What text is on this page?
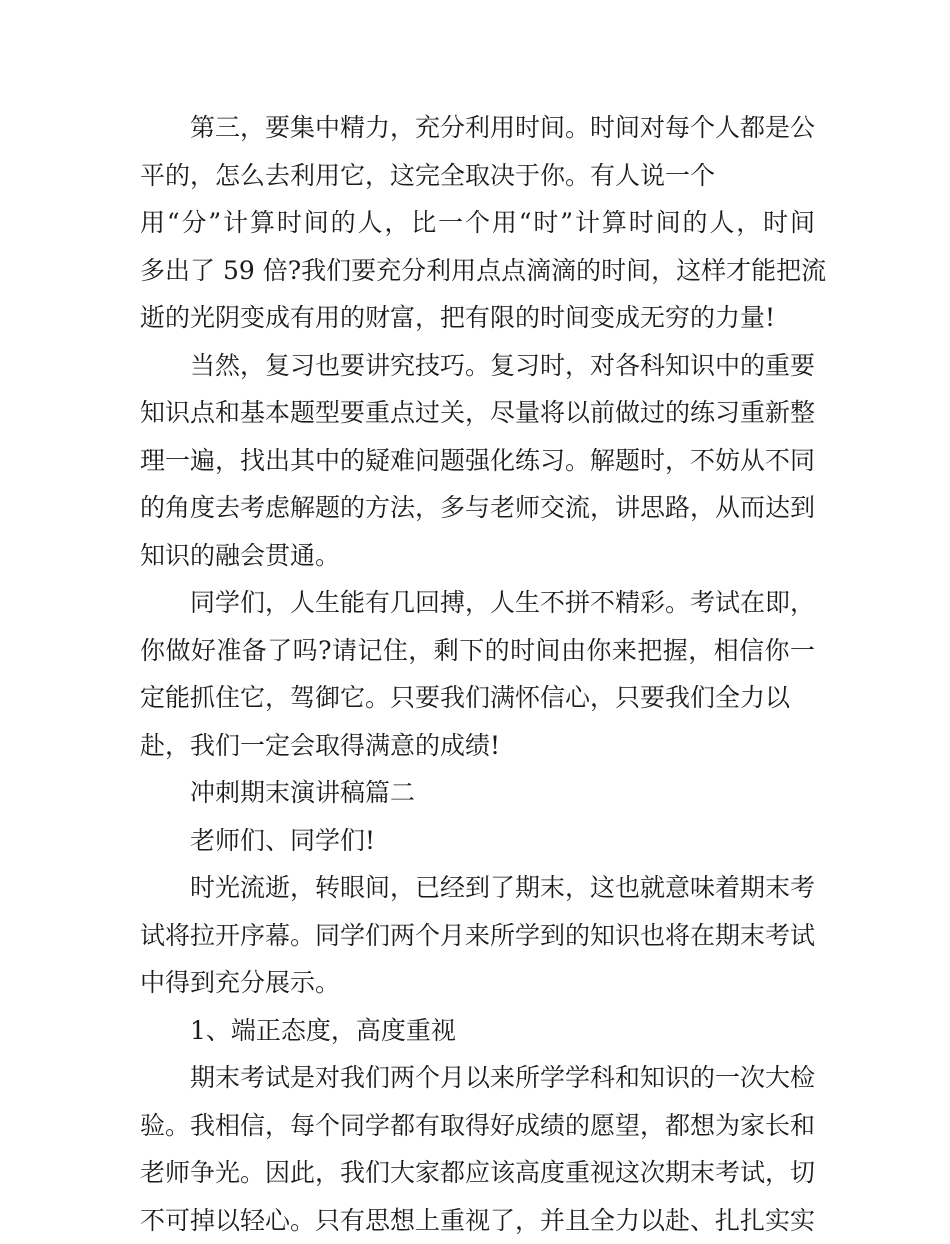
第三，要集中精力，充分利用时间。时间对每个人都是公
平的，怎么去利用它，这完全取决于你。有人说一个
用“分”计算时间的人，比一个用“时”计算时间的人，时间
多出了 59 倍?我们要充分利用点点滴滴的时间，这样才能把流
逝的光阴变成有用的财富，把有限的时间变成无穷的力量!
当然，复习也要讲究技巧。复习时，对各科知识中的重要
知识点和基本题型要重点过关，尽量将以前做过的练习重新整
理一遍，找出其中的疑难问题强化练习。解题时，不妨从不同
的角度去考虑解题的方法，多与老师交流，讲思路，从而达到
知识的融会贯通。
同学们，人生能有几回搏，人生不拼不精彩。考试在即，
你做好准备了吗?请记住，剩下的时间由你来把握，相信你一
定能抓住它，驾御它。只要我们满怀信心，只要我们全力以
赴，我们一定会取得满意的成绩!
冲刺期末演讲稿篇二
老师们、同学们!
时光流逝，转眼间，已经到了期末，这也就意味着期末考
试将拉开序幕。同学们两个月来所学到的知识也将在期末考试
中得到充分展示。
1、端正态度，高度重视
期末考试是对我们两个月以来所学学科和知识的一次大检
验。我相信，每个同学都有取得好成绩的愿望，都想为家长和
老师争光。因此，我们大家都应该高度重视这次期末考试，切
不可掉以轻心。只有思想上重视了，并且全力以赴、扎扎实实
